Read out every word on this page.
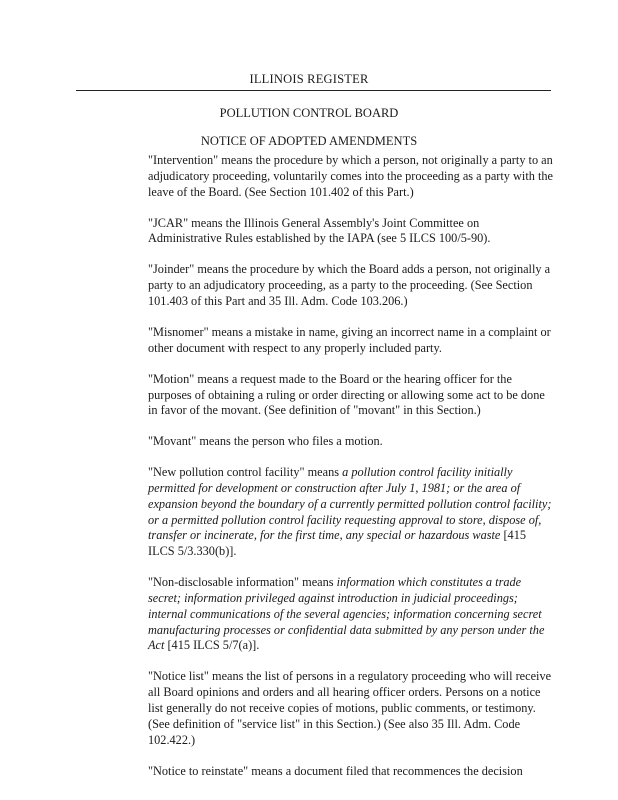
ILLINOIS REGISTER
POLLUTION CONTROL BOARD
NOTICE OF ADOPTED AMENDMENTS

"Intervention" means the procedure by which a person, not originally a party to an adjudicatory proceeding, voluntarily comes into the proceeding as a party with the leave of the Board. (See Section 101.402 of this Part.)

"JCAR" means the Illinois General Assembly's Joint Committee on Administrative Rules established by the IAPA (see 5 ILCS 100/5-90).

"Joinder" means the procedure by which the Board adds a person, not originally a party to an adjudicatory proceeding, as a party to the proceeding. (See Section 101.403 of this Part and 35 Ill. Adm. Code 103.206.)

"Misnomer" means a mistake in name, giving an incorrect name in a complaint or other document with respect to any properly included party.

"Motion" means a request made to the Board or the hearing officer for the purposes of obtaining a ruling or order directing or allowing some act to be done in favor of the movant. (See definition of "movant" in this Section.)

"Movant" means the person who files a motion.

"New pollution control facility" means a pollution control facility initially permitted for development or construction after July 1, 1981; or the area of expansion beyond the boundary of a currently permitted pollution control facility; or a permitted pollution control facility requesting approval to store, dispose of, transfer or incinerate, for the first time, any special or hazardous waste [415 ILCS 5/3.330(b)].

"Non-disclosable information" means information which constitutes a trade secret; information privileged against introduction in judicial proceedings; internal communications of the several agencies; information concerning secret manufacturing processes or confidential data submitted by any person under the Act [415 ILCS 5/7(a)].

"Notice list" means the list of persons in a regulatory proceeding who will receive all Board opinions and orders and all hearing officer orders. Persons on a notice list generally do not receive copies of motions, public comments, or testimony. (See definition of "service list" in this Section.) (See also 35 Ill. Adm. Code 102.422.)

"Notice to reinstate" means a document filed that recommences the decision
